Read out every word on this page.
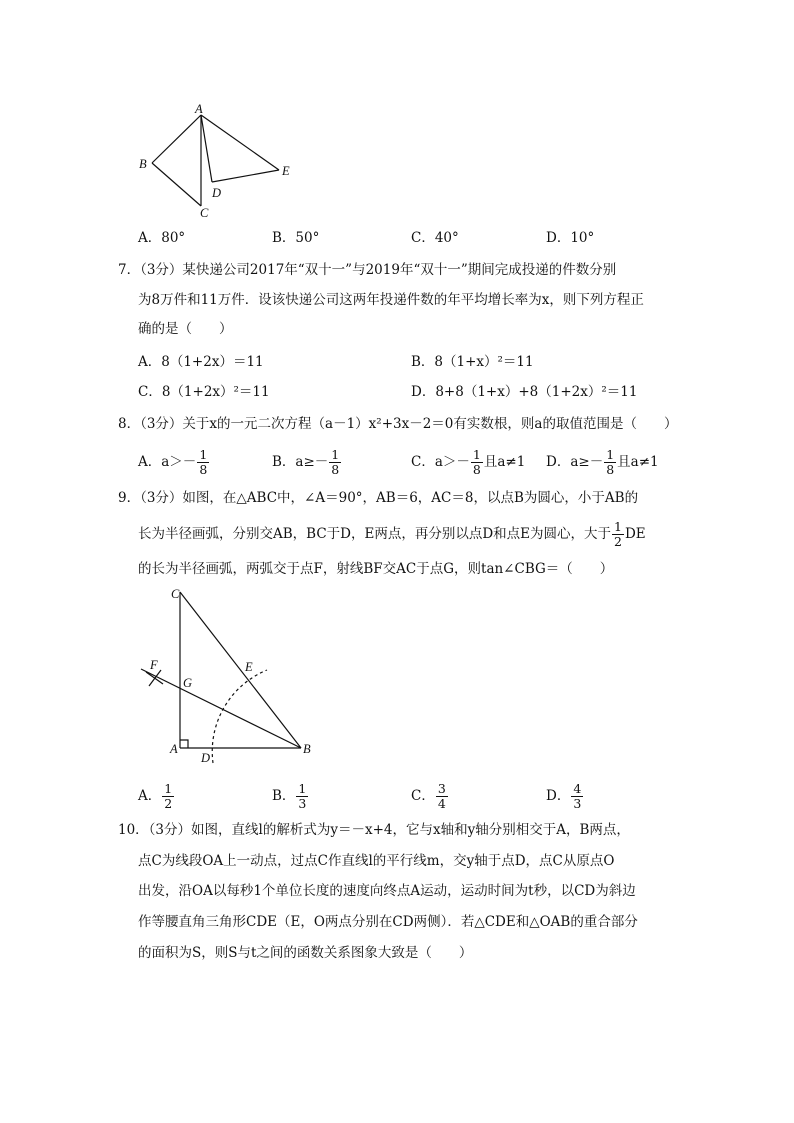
A
B
C
D
E
A．80°	B．50°	C．40°	D．10°
7．（3分）某快递公司2017年“双十一”与2019年“双十一”期间完成投递的件数分别
为8万件和11万件．设该快递公司这两年投递件数的年平均增长率为x，则下列方程正
确的是（　　）
A．8（1+2x）＝11	B．8（1+x）²＝11
C．8（1+2x）²＝11	D．8+8（1+x）+8（1+2x）²＝11
8．（3分）关于x的一元二次方程（a－1）x²+3x－2＝0有实数根，则a的取值范围是（　　）
A．$a>- \frac{1}{8}$	B．$a\ge- \frac{1}{8}$	C．$a>- \frac{1}{8}$ 且a≠1 D．$a\ge- \frac{1}{8}$ 且a≠1
9．（3分）如图，在△ABC中，∠A＝90°，AB＝6，AC＝8，以点B为圆心，小于AB的
长为半径画弧，分别交AB，BC于D，E两点，再分别以点D和点E为圆心，大于 $\frac{1}{2}$ DE
的长为半径画弧，两弧交于点F，射线BF交AC于点G，则tan∠CBG＝（　　）
C
F
G
E
A
D
B
A． $\frac{1}{2}$	B． $\frac{1}{3}$	C． $\frac{3}{4}$	D． $\frac{4}{3}$
10．（3分）如图，直线l的解析式为y＝－x+4，它与x轴和y轴分别相交于A，B两点，
点C为线段OA上一动点，过点C作直线l的平行线m，交y轴于点D，点C从原点O
出发，沿OA以每秒1个单位长度的速度向终点A运动，运动时间为t秒，以CD为斜边
作等腰直角三角形CDE（E，O两点分别在CD两侧）．若△CDE和△OAB的重合部分
的面积为S，则S与t之间的函数关系图象大致是（　　）
